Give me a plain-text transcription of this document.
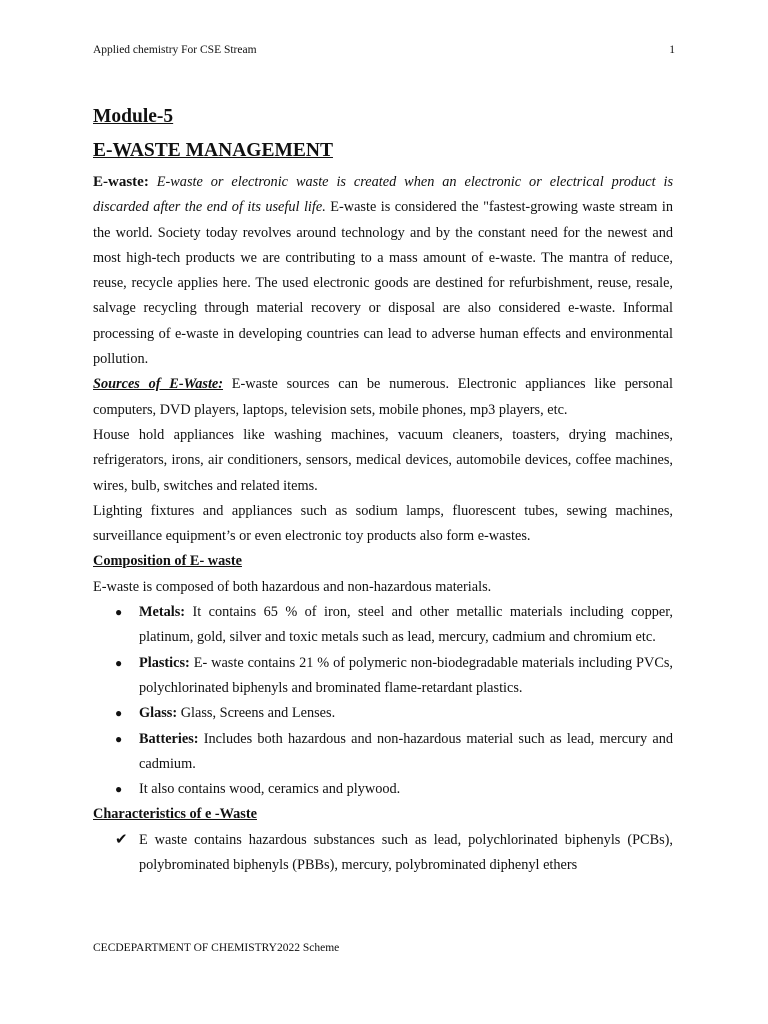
Applied chemistry For CSE Stream	1
Module-5
E-WASTE MANAGEMENT

E-waste: E-waste or electronic waste is created when an electronic or electrical product is discarded after the end of its useful life. E-waste is considered the "fastest-growing waste stream in the world. Society today revolves around technology and by the constant need for the newest and most high-tech products we are contributing to a mass amount of e-waste. The mantra of reduce, reuse, recycle applies here. The used electronic goods are destined for refurbishment, reuse, resale, salvage recycling through material recovery or disposal are also considered e-waste. Informal processing of e-waste in developing countries can lead to adverse human effects and environmental pollution.

Sources of E-Waste: E-waste sources can be numerous. Electronic appliances like personal computers, DVD players, laptops, television sets, mobile phones, mp3 players, etc.

House hold appliances like washing machines, vacuum cleaners, toasters, drying machines, refrigerators, irons, air conditioners, sensors, medical devices, automobile devices, coffee machines, wires, bulb, switches and related items.

Lighting fixtures and appliances such as sodium lamps, fluorescent tubes, sewing machines, surveillance equipment’s or even electronic toy products also form e-wastes.

Composition of E- waste

E-waste is composed of both hazardous and non-hazardous materials.

● Metals: It contains 65 % of iron, steel and other metallic materials including copper, platinum, gold, silver and toxic metals such as lead, mercury, cadmium and chromium etc.
● Plastics: E- waste contains 21 % of polymeric non-biodegradable materials including PVCs, polychlorinated biphenyls and brominated flame-retardant plastics.
● Glass: Glass, Screens and Lenses.
● Batteries: Includes both hazardous and non-hazardous material such as lead, mercury and cadmium.
● It also contains wood, ceramics and plywood.
Characteristics of e -Waste
✔ E waste contains hazardous substances such as lead, polychlorinated biphenyls (PCBs), polybrominated biphenyls (PBBs), mercury, polybrominated diphenyl ethers
CECDEPARTMENT OF CHEMISTRY2022 Scheme
